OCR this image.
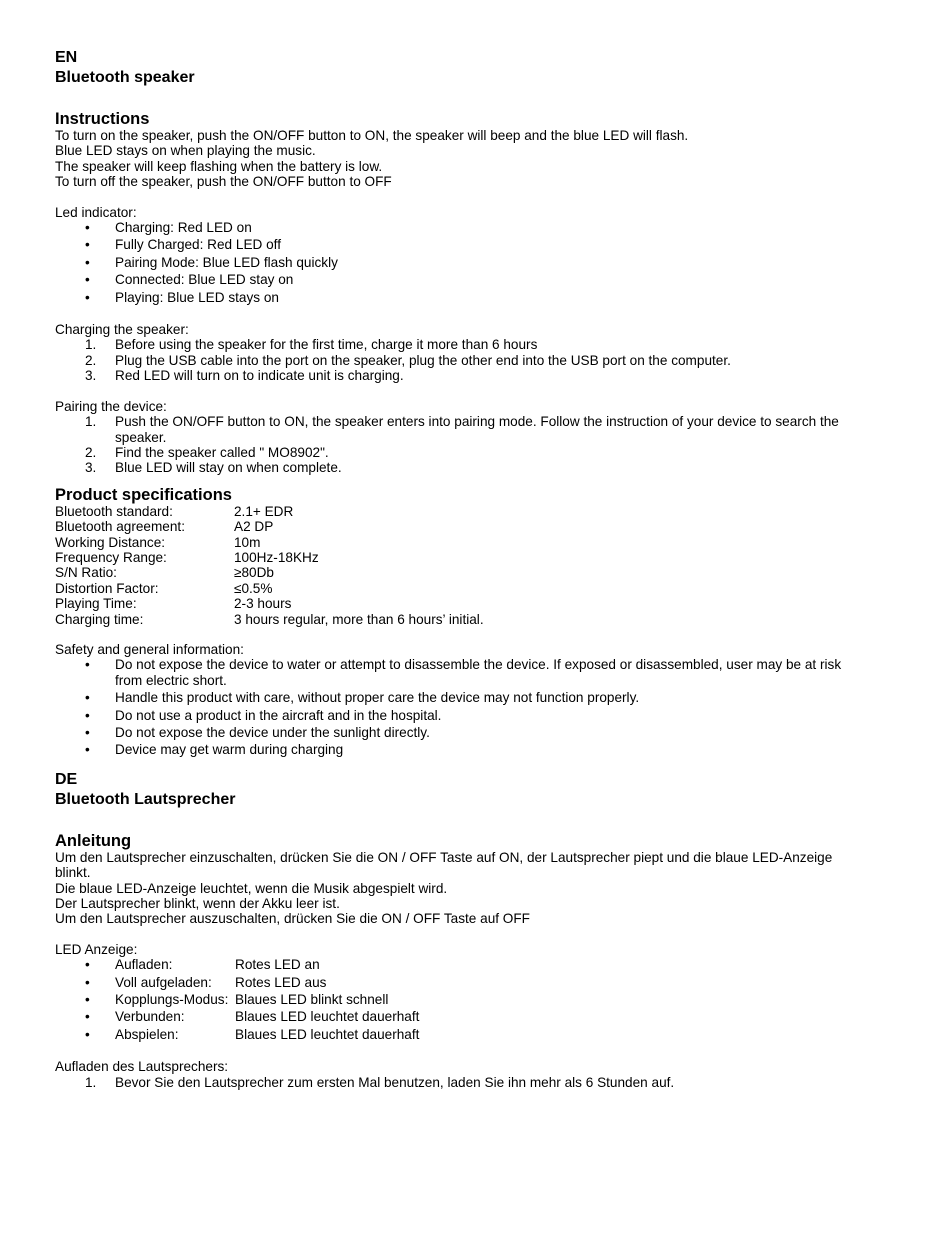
EN
Bluetooth speaker
Instructions

To turn on the speaker, push the ON/OFF button to ON, the speaker will beep and the blue LED will flash.

Blue LED stays on when playing the music.

The speaker will keep flashing when the battery is low.

To turn off the speaker, push the ON/OFF button to OFF

Led indicator:

• Charging: Red LED on
• Fully Charged: Red LED off
• Pairing Mode: Blue LED flash quickly
• Connected: Blue LED stay on
• Playing: Blue LED stays on

Charging the speaker:

1. Before using the speaker for the first time, charge it more than 6 hours
2. Plug the USB cable into the port on the speaker, plug the other end into the USB port on the computer.
3. Red LED will turn on to indicate unit is charging.

Pairing the device:

1. Push the ON/OFF button to ON, the speaker enters into pairing mode. Follow the instruction of your device to search the speaker.
2. Find the speaker called " MO8902".
3. Blue LED will stay on when complete.
Product specifications
Bluetooth standard:	2.1+ EDR
Bluetooth agreement:	A2 DP
Working Distance:	10m
Frequency Range:	100Hz-18KHz
S/N Ratio:	≥80Db
Distortion Factor:	≤0.5%
Playing Time:	2-3 hours
Charging time:	3 hours regular, more than 6 hours’ initial.

Safety and general information:

• Do not expose the device to water or attempt to disassemble the device. If exposed or disassembled, user may be at risk from electric short.
• Handle this product with care, without proper care the device may not function properly.
• Do not use a product in the aircraft and in the hospital.
• Do not expose the device under the sunlight directly.
• Device may get warm during charging
DE
Bluetooth Lautsprecher
Anleitung

Um den Lautsprecher einzuschalten, drücken Sie die ON / OFF Taste auf ON, der Lautsprecher piept und die blaue LED-Anzeige blinkt.

Die blaue LED-Anzeige leuchtet, wenn die Musik abgespielt wird.

Der Lautsprecher blinkt, wenn der Akku leer ist.

Um den Lautsprecher auszuschalten, drücken Sie die ON / OFF Taste auf OFF

LED Anzeige:

• Aufladen:	Rotes LED an
• Voll aufgeladen:	Rotes LED aus
• Kopplungs-Modus: Blaues LED blinkt schnell
• Verbunden:	Blaues LED leuchtet dauerhaft
• Abspielen:	Blaues LED leuchtet dauerhaft

Aufladen des Lautsprechers:

1. Bevor Sie den Lautsprecher zum ersten Mal benutzen, laden Sie ihn mehr als 6 Stunden auf.
